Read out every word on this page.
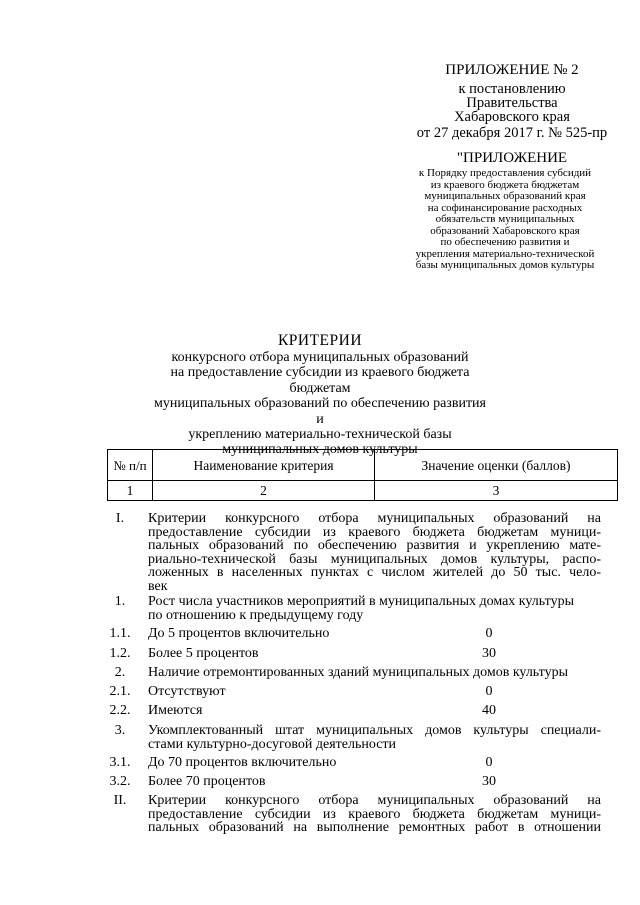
ПРИЛОЖЕНИЕ № 2
к постановлению
Правительства
Хабаровского края
от 27 декабря 2017 г. № 525-пр
"ПРИЛОЖЕНИЕ
к Порядку предоставления субсидий
из краевого бюджета бюджетам
муниципальных образований края
на софинансирование расходных
обязательств муниципальных
образований Хабаровского края
по обеспечению развития и
укрепления материально-технической
базы муниципальных домов культуры
КРИТЕРИИ
конкурсного отбора муниципальных образований
на предоставление субсидии из краевого бюджета бюджетам
муниципальных образований по обеспечению развития и
укреплению материально-технической базы
муниципальных домов культуры
№ п/п	Наименование критерия	Значение оценки (баллов)
1	2	3
I.	Критерии конкурсного отбора муниципальных образований на
предоставление субсидии из краевого бюджета бюджетам муници-
пальных образований по обеспечению развития и укреплению мате-
риально-технической базы муниципальных домов культуры, распо-
ложенных в населенных пунктах с числом жителей до 50 тыс. чело-
век
1.	Рост числа участников мероприятий в муниципальных домах культуры
по отношению к предыдущему году
1.1.	До 5 процентов включительно	0
1.2.	Более 5 процентов	30
2.	Наличие отремонтированных зданий муниципальных домов культуры
2.1.	Отсутствуют	0
2.2.	Имеются	40
3.	Укомплектованный штат муниципальных домов культуры специали-
стами культурно-досуговой деятельности
3.1.	До 70 процентов включительно	0
3.2.	Более 70 процентов	30
II.	Критерии конкурсного отбора муниципальных образований на
предоставление субсидии из краевого бюджета бюджетам муници-
пальных образований на выполнение ремонтных работ в отношении
